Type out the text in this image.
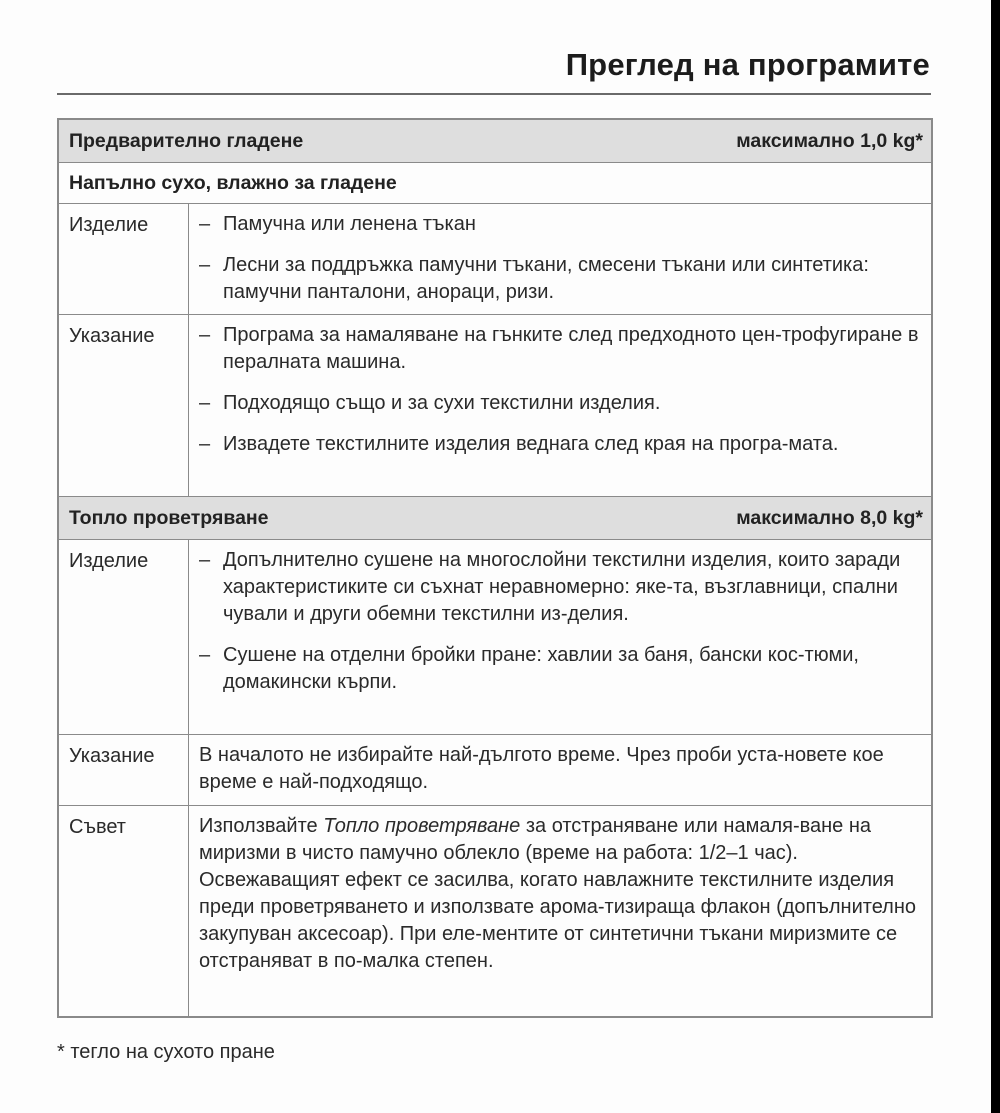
Преглед на програмите
Предварително гладене	максимално 1,0 kg*
Напълно сухо, влажно за гладене
Изделие	– Памучна или ленена тъкан
– Лесни за поддръжка памучни тъкани, смесени тъкани или синтетика: памучни панталони, анораци, ризи.
Указание	– Програма за намаляване на гънките след предходното цен-трофугиране в пералната машина.
– Подходящо също и за сухи текстилни изделия.
– Извадете текстилните изделия веднага след края на програ-мата.
Топло проветряване	максимално 8,0 kg*
Изделие	– Допълнително сушене на многослойни текстилни изделия, които заради характеристиките си съхнат неравномерно: яке-та, възглавници, спални чували и други обемни текстилни из-делия.
– Сушене на отделни бройки пране: хавлии за баня, бански кос-тюми, домакински кърпи.
Указание	В началото не избирайте най-дългото време. Чрез проби уста-новете кое време е най-подходящо.
Съвет	Използвайте Топло проветряване за отстраняване или намаля-ване на миризми в чисто памучно облекло (време на работа: 1/2–1 час). Освежаващият ефект се засилва, когато навлажните текстилните изделия преди проветряването и използвате арома-тизираща флакон (допълнително закупуван аксесоар). При еле-ментите от синтетични тъкани миризмите се отстраняват в по-малка степен.
* тегло на сухото пране
